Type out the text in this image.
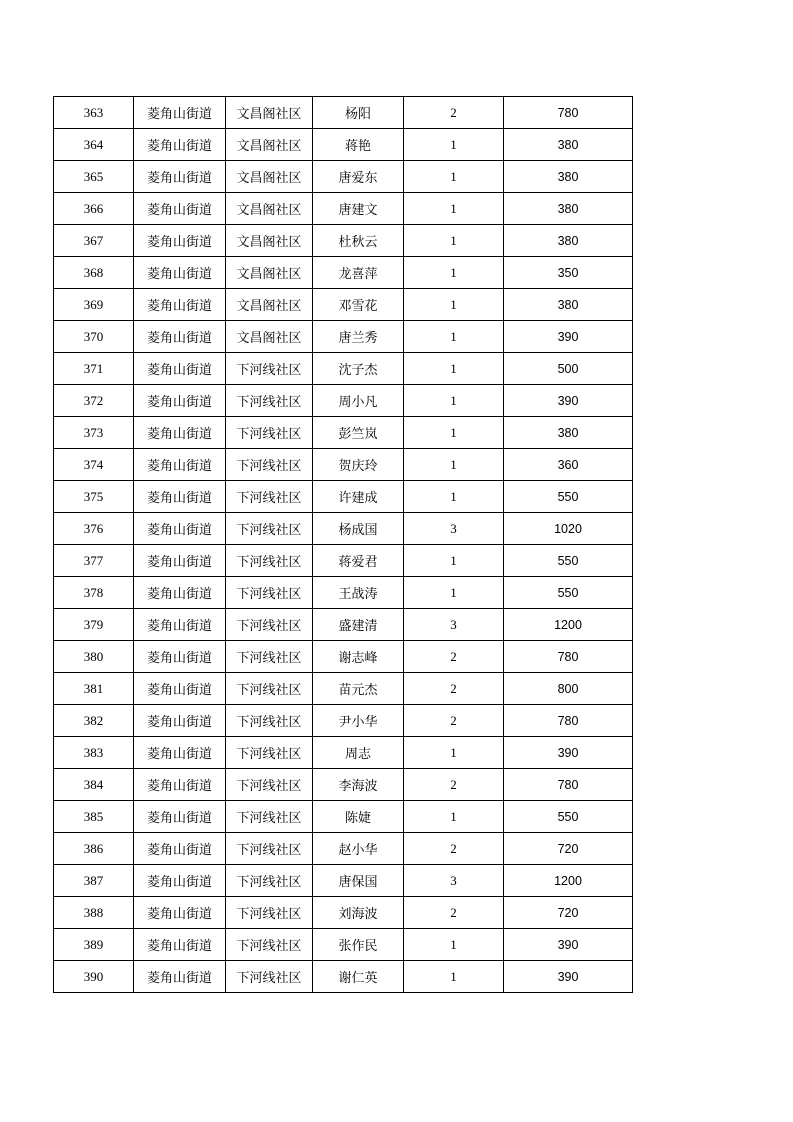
363	菱角山街道	文昌阁社区	杨阳	2	780
364	菱角山街道	文昌阁社区	蒋艳	1	380
365	菱角山街道	文昌阁社区	唐爱东	1	380
366	菱角山街道	文昌阁社区	唐建文	1	380
367	菱角山街道	文昌阁社区	杜秋云	1	380
368	菱角山街道	文昌阁社区	龙喜萍	1	350
369	菱角山街道	文昌阁社区	邓雪花	1	380
370	菱角山街道	文昌阁社区	唐兰秀	1	390
371	菱角山街道	下河线社区	沈子杰	1	500
372	菱角山街道	下河线社区	周小凡	1	390
373	菱角山街道	下河线社区	彭竺岚	1	380
374	菱角山街道	下河线社区	贺庆玲	1	360
375	菱角山街道	下河线社区	许建成	1	550
376	菱角山街道	下河线社区	杨成国	3	1020
377	菱角山街道	下河线社区	蒋爱君	1	550
378	菱角山街道	下河线社区	王战涛	1	550
379	菱角山街道	下河线社区	盛建清	3	1200
380	菱角山街道	下河线社区	谢志峰	2	780
381	菱角山街道	下河线社区	苗元杰	2	800
382	菱角山街道	下河线社区	尹小华	2	780
383	菱角山街道	下河线社区	周志	1	390
384	菱角山街道	下河线社区	李海波	2	780
385	菱角山街道	下河线社区	陈婕	1	550
386	菱角山街道	下河线社区	赵小华	2	720
387	菱角山街道	下河线社区	唐保国	3	1200
388	菱角山街道	下河线社区	刘海波	2	720
389	菱角山街道	下河线社区	张作民	1	390
390	菱角山街道	下河线社区	谢仁英	1	390
